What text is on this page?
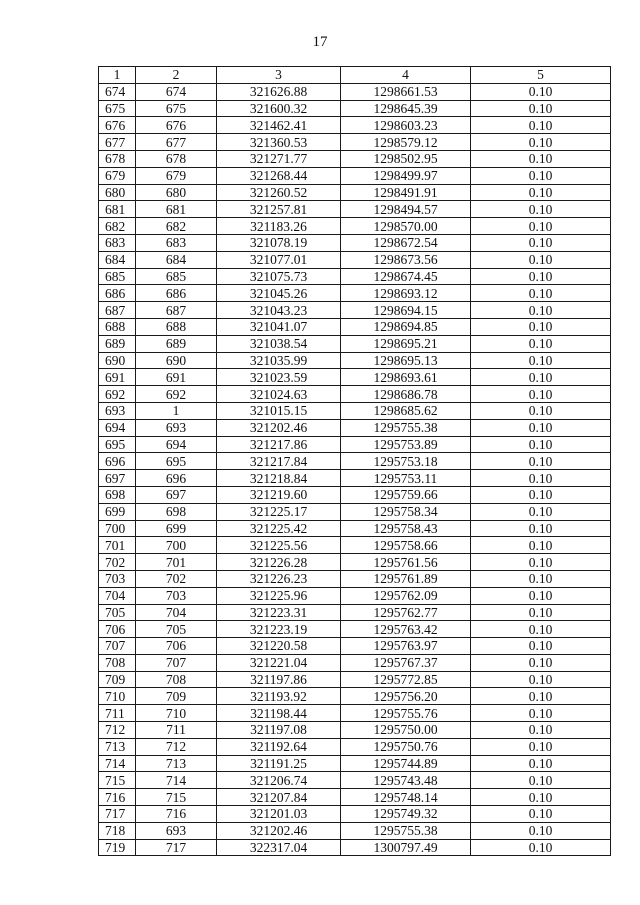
17
1	2	3	4	5
674	674	321626.88	1298661.53	0.10
675	675	321600.32	1298645.39	0.10
676	676	321462.41	1298603.23	0.10
677	677	321360.53	1298579.12	0.10
678	678	321271.77	1298502.95	0.10
679	679	321268.44	1298499.97	0.10
680	680	321260.52	1298491.91	0.10
681	681	321257.81	1298494.57	0.10
682	682	321183.26	1298570.00	0.10
683	683	321078.19	1298672.54	0.10
684	684	321077.01	1298673.56	0.10
685	685	321075.73	1298674.45	0.10
686	686	321045.26	1298693.12	0.10
687	687	321043.23	1298694.15	0.10
688	688	321041.07	1298694.85	0.10
689	689	321038.54	1298695.21	0.10
690	690	321035.99	1298695.13	0.10
691	691	321023.59	1298693.61	0.10
692	692	321024.63	1298686.78	0.10
693	1	321015.15	1298685.62	0.10
694	693	321202.46	1295755.38	0.10
695	694	321217.86	1295753.89	0.10
696	695	321217.84	1295753.18	0.10
697	696	321218.84	1295753.11	0.10
698	697	321219.60	1295759.66	0.10
699	698	321225.17	1295758.34	0.10
700	699	321225.42	1295758.43	0.10
701	700	321225.56	1295758.66	0.10
702	701	321226.28	1295761.56	0.10
703	702	321226.23	1295761.89	0.10
704	703	321225.96	1295762.09	0.10
705	704	321223.31	1295762.77	0.10
706	705	321223.19	1295763.42	0.10
707	706	321220.58	1295763.97	0.10
708	707	321221.04	1295767.37	0.10
709	708	321197.86	1295772.85	0.10
710	709	321193.92	1295756.20	0.10
711	710	321198.44	1295755.76	0.10
712	711	321197.08	1295750.00	0.10
713	712	321192.64	1295750.76	0.10
714	713	321191.25	1295744.89	0.10
715	714	321206.74	1295743.48	0.10
716	715	321207.84	1295748.14	0.10
717	716	321201.03	1295749.32	0.10
718	693	321202.46	1295755.38	0.10
719	717	322317.04	1300797.49	0.10
